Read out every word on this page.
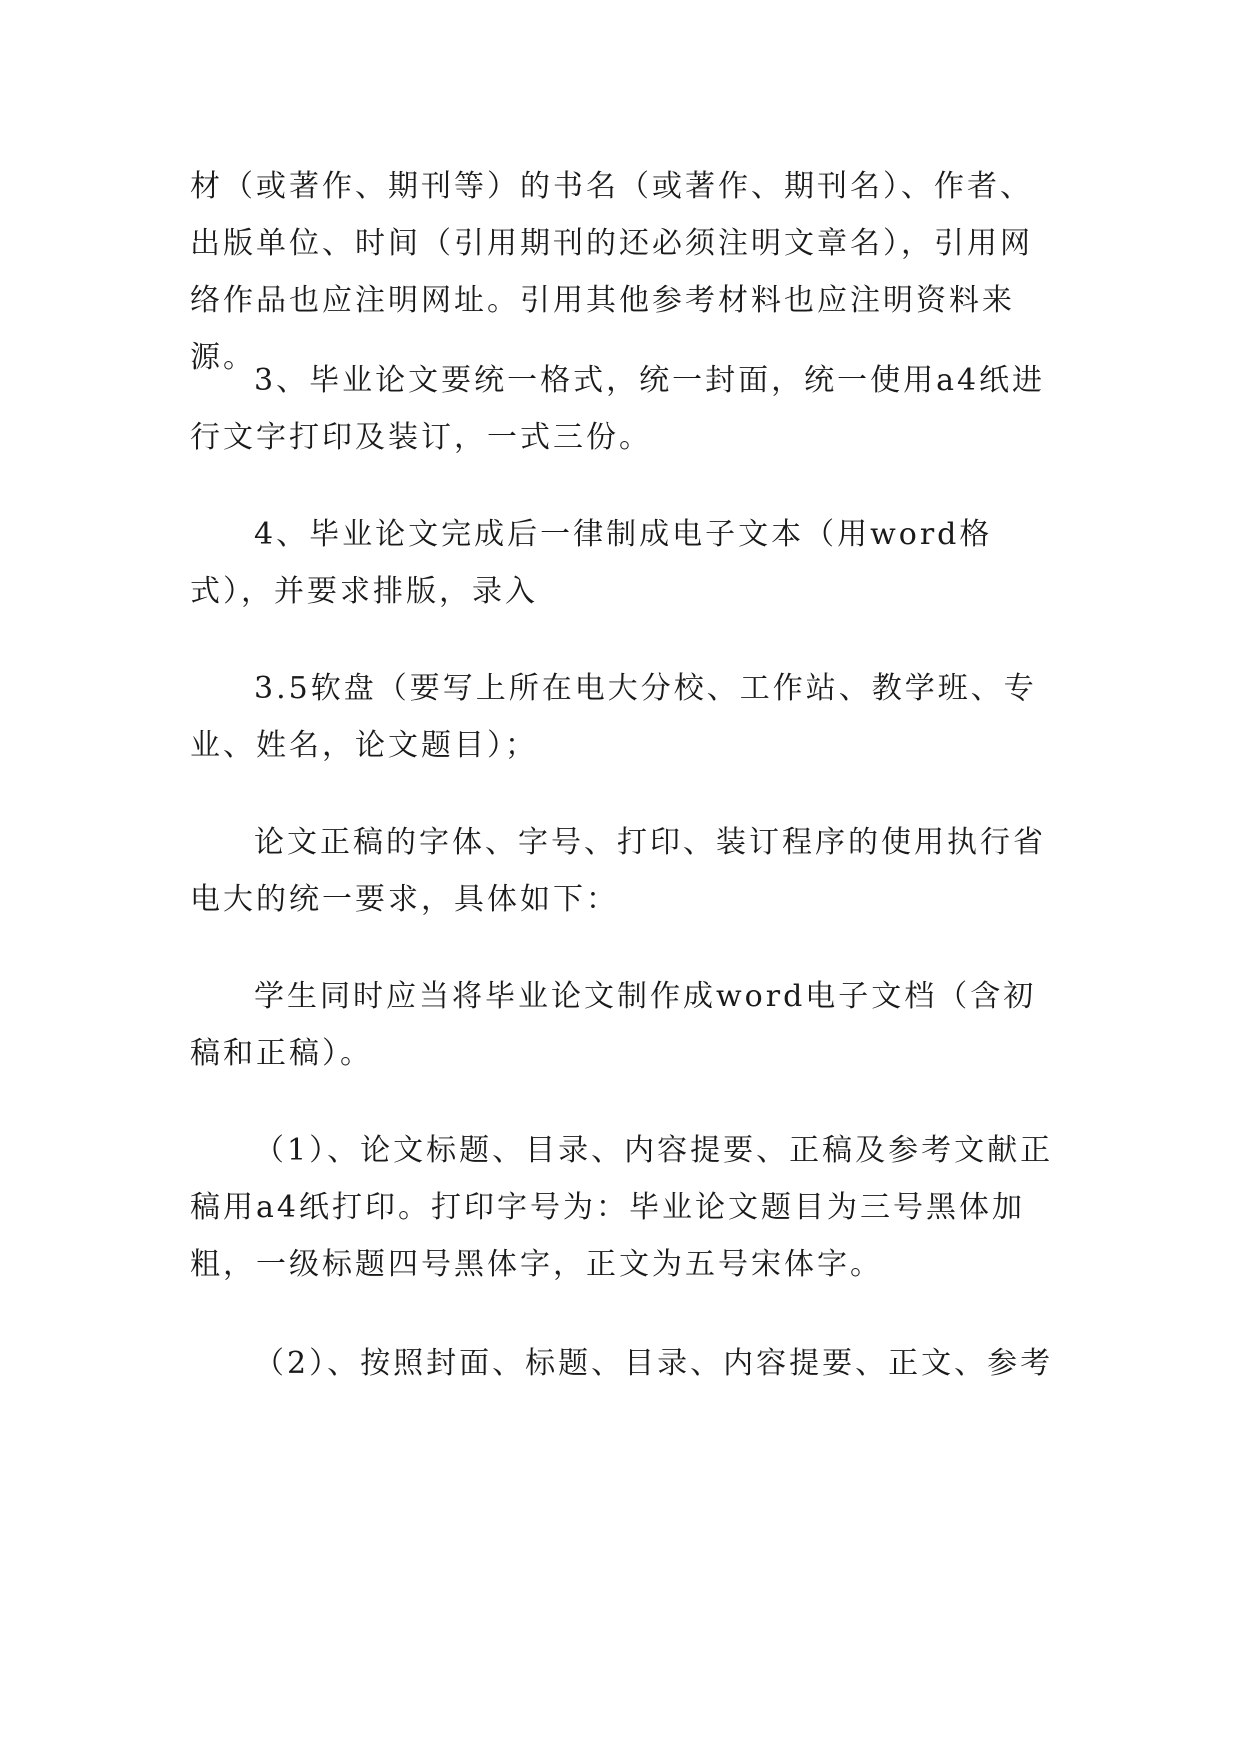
材（或著作、期刊等）的书名（或著作、期刊名）、作者、出版单位、时间（引用期刊的还必须注明文章名），引用网络作品也应注明网址。引用其他参考材料也应注明资料来源。

3、毕业论文要统一格式，统一封面，统一使用a4纸进行文字打印及装订，一式三份。

4、毕业论文完成后一律制成电子文本（用word格式），并要求排版，录入

3.5软盘（要写上所在电大分校、工作站、教学班、专业、姓名，论文题目）；

论文正稿的字体、字号、打印、装订程序的使用执行省电大的统一要求，具体如下：

学生同时应当将毕业论文制作成word电子文档（含初稿和正稿）。

（1）、论文标题、目录、内容提要、正稿及参考文献正稿用a4纸打印。打印字号为：毕业论文题目为三号黑体加粗，一级标题四号黑体字，正文为五号宋体字。

（2）、按照封面、标题、目录、内容提要、正文、参考
